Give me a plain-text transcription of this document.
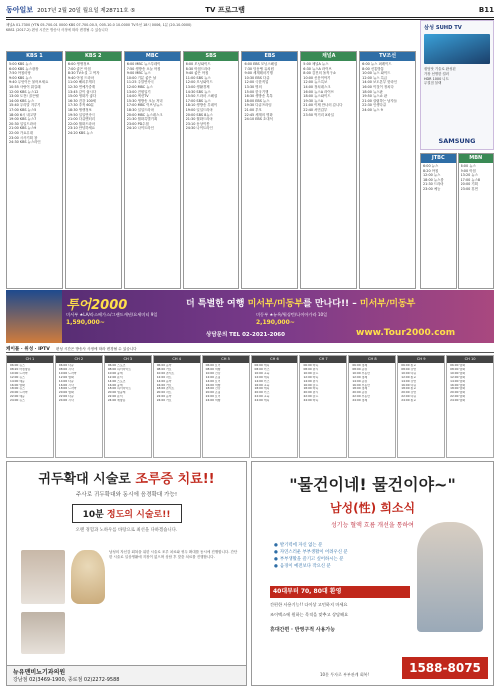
동아일보 2017년 2월 20일 월요일 제28711호 ⑤	TV 프로그램	B11
채널A 01-7300 (YTN 05-700-01 0000 KBS 07-700-00-5, 005-10-0 10-0000 TV조선 18시 0006, 1분 (20-10-0000)
KBS1 (2017-2) 편성 시간은 방송사 사정에 따라 변경될 수 있습니다
KBS 1
5:00 KBS 뉴스
6:00 KBS 뉴스광장
7:50 아침마당
9:00 KBS 뉴스
9:40 무엇이든 물어보세요
10:55 사랑이 뭐길래
12:00 KBS 뉴스12
13:00 도전! 골든벨
14:00 KBS 뉴스
15:40 우리말 겨루기
17:00 KBS 뉴스5
18:00 6시 내고향
19:00 KBS 뉴스7
20:30 일일드라마
21:00 KBS 뉴스9
22:00 가요무대
23:00 시사기획 창
24:30 KBS 뉴스라인
KBS 2
6:00 생생정보
7:00 좋은 아침
8:30 TV소설 그 여자
9:40 아침 드라마
11:00 해피투게더
12:30 연예가중계
13:45 같이 삽시다
15:00 영화가 좋다
16:30 건강 100세
17:30 추적 60분
18:30 생생정보
19:50 일일연속극
21:00 다큐멘터리
22:00 월화드라마
23:10 안녕하세요
24:20 KBS 뉴스
MBC
6:00 MBC 뉴스투데이
7:50 생방송 오늘 아침
9:00 MBC 뉴스
10:00 기분 좋은 날
11:25 주말연속극
12:00 MBC 뉴스
13:00 전원일기
14:00 섹션TV
15:30 생방송 오늘 저녁
17:00 MBC 이브닝뉴스
18:30 일일드라마
20:00 MBC 뉴스데스크
21:30 월화특별기획
23:00 PD수첩
24:10 나이트라인
SBS
6:00 모닝와이드
8:30 아침드라마
9:40 좋은 아침
11:00 SBS 뉴스
12:00 모닝와이드
13:00 생활경제
14:30 SBS 뉴스
15:50 드라마 스페셜
17:00 SBS 뉴스
18:10 생방송 투데이
19:00 일일드라마
20:00 SBS 8뉴스
21:30 월화드라마
23:10 동상이몽
24:30 나이트라인
EBS
6:00 EBS 모닝스페셜
7:30 딩동댕 유치원
9:00 세계테마기행
10:30 EBS 다큐
12:00 극한직업
13:30 명의
15:00 한국기행
16:30 생방송 톡톡
18:00 EBS 뉴스
19:30 다큐프라임
21:00 부모
22:45 세계의 명화
24:10 EBS 초대석
채널A
5:00 채널A 뉴스
6:30 뉴스A 라이브
8:00 김진의 돌직구쇼
10:00 신문이야기
12:00 뉴스특보
14:00 정치데스크
16:00 뉴스A 라이브
18:00 뉴스와이드
19:30 뉴스A
21:00 이제 만나러 갑니다
22:40 서민갑부
23:50 먹거리 X파일
TV조선
6:00 뉴스 퍼레이드
8:00 신통방통
10:00 뉴스 와이드
12:00 뉴스 특급
14:00 보도본부 핫라인
16:00 이것이 정치다
18:00 뉴스판
19:50 뉴스쇼 판
21:00 살림하는 남자들
22:30 인생다큐
24:00 뉴스 9
삼성 SUHD TV
퀀텀닷 기술로 완성된
가장 선명한 컬러
HDR 1000 니트
무결점 블랙
SAMSUNG
JTBC
6:00 뉴스
8:20 아침
12:00 뉴스
18:00 뉴스룸
21:30 드라마
23:00 예능
MBN
6:00 뉴스
9:00 아침
13:20 뉴스
17:00 뉴스8
20:00 기획
23:00 휴먼
투어2000	더 특별한 여행 미서부/미동부를 만나다!! – 미서부/미동부
미서부 ★LA/라스베가스/그랜드캐년/요세미티 9일
1,590,000~
미동부 ★뉴욕/워싱턴/나이아가라 10일
2,190,000~
상담문의 TEL 02-2021-2060	www.Tour2000.com
케이블 · 위성 · IPTV 편성 시간은 방송사 사정에 따라 변경될 수 있습니다
CH 1
06:00 뉴스
08:20 아침방송
10:00 드라마
12:00 뉴스
14:00 예능
16:00 영화
18:00 뉴스
20:00 드라마
22:00 예능
24:00 뉴스
CH 2
06:00 다큐
08:00 시사
10:00 드라마
12:00 영화
14:00 다큐
16:00 시사
18:00 드라마
20:00 영화
22:00 다큐
24:00 시사
CH 3
06:00 스포츠
08:00 하이라이트
10:00 중계
12:00 분석
14:00 스포츠
16:00 중계
18:00 하이라이트
20:00 생중계
22:00 분석
24:00 재방송
CH 4
06:00 음악
08:00 가요
10:00 콘서트
12:00 차트
14:00 음악
16:00 가요
18:00 콘서트
20:00 차트
22:00 음악
24:00 가요
CH 5
06:00 요리
08:00 여행
10:00 건강
12:00 쇼핑
14:00 요리
16:00 여행
18:00 건강
20:00 쇼핑
22:00 요리
24:00 여행
CH 6
06:00 애니
08:00 키즈
10:00 교육
12:00 애니
14:00 키즈
16:00 교육
18:00 애니
20:00 키즈
22:00 교육
24:00 애니
CH 7
06:00 바둑
08:00 낚시
10:00 골프
12:00 바둑
14:00 낚시
16:00 골프
18:00 바둑
20:00 낚시
22:00 골프
24:00 바둑
CH 8
06:00 경제
08:00 증권
10:00 부동산
12:00 경제
14:00 증권
16:00 부동산
18:00 경제
20:00 증권
22:00 부동산
24:00 경제
CH 9
06:00 종교
08:00 강연
10:00 다큐
12:00 종교
14:00 강연
16:00 다큐
18:00 종교
20:00 강연
22:00 다큐
24:00 종교
CH 10
06:00 영화
08:00 영화
10:00 영화
12:00 영화
14:00 영화
16:00 영화
18:00 영화
20:00 영화
22:00 영화
24:00 영화
귀두확대 시술로 조루증 치료!!
주사로 귀두확대와 동시에 음경확대 가능!
10분 정도의 시술로!!
오랜 경험과 노하우를 바탕으로 최선을 다하겠습니다.
남성의 자신감 회복을 위한 시술로 조루 치료와 귀두 확대를 동시에 진행합니다. 간단한 시술로 일상생활에 지장이 없으며 상담 후 맞춤 치료를 진행합니다.
뉴유맨비뇨기과의원
강남점 02)3469-1900, 종로점 02)2272-9588
"물건이네! 물건이야~"
남성(性) 희소식
성기능 혈액 흐름 개선을 통하여
● 발기력에 자신 없는 분
● 자연스러운 부부생활이 어려우신 분
● 부부생활을 즐기고 싶어하시는 분
● 음경이 예전보다 작으신 분
40대부터 70, 80대 환영
간편한 사용기능!! 다이상 고민하지 마세요
조이맥스에 원하는 목적을 맞추고 상담해요
휴대간편 · 반영구적 사용가능
10분 투자로 부부관계 회복!	1588-8075
